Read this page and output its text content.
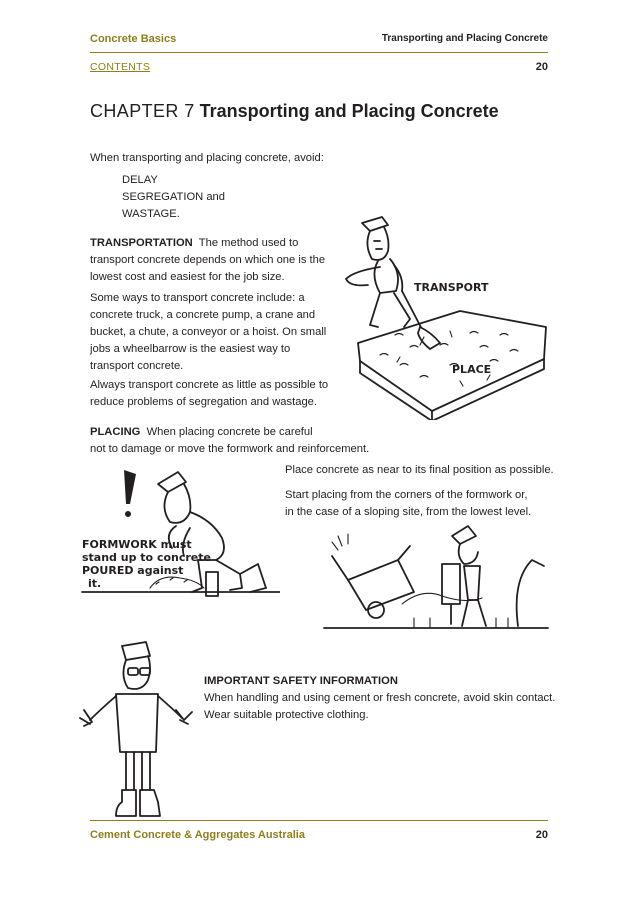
Concrete Basics	Transporting and Placing Concrete
CONTENTS	20
CHAPTER 7 Transporting and Placing Concrete
When transporting and placing concrete, avoid:
DELAY
SEGREGATION and
WASTAGE.
TRANSPORTATION The method used to
transport concrete depends on which one is the
lowest cost and easiest for the job size.
Some ways to transport concrete include: a
concrete truck, a concrete pump, a crane and
bucket, a chute, a conveyor or a hoist. On small
jobs a wheelbarrow is the easiest way to
transport concrete.
Always transport concrete as little as possible to
reduce problems of segregation and wastage.
PLACING When placing concrete be careful
not to damage or move the formwork and reinforcement.
Place concrete as near to its final position as possible.
Start placing from the corners of the formwork or,
in the case of a sloping site, from the lowest level.
TRANSPORT
PLACE
FORMWORK must
stand up to concrete
POURED against
it.
IMPORTANT SAFETY INFORMATION
When handling and using cement or fresh concrete, avoid skin contact.
Wear suitable protective clothing.
Cement Concrete & Aggregates Australia	20
